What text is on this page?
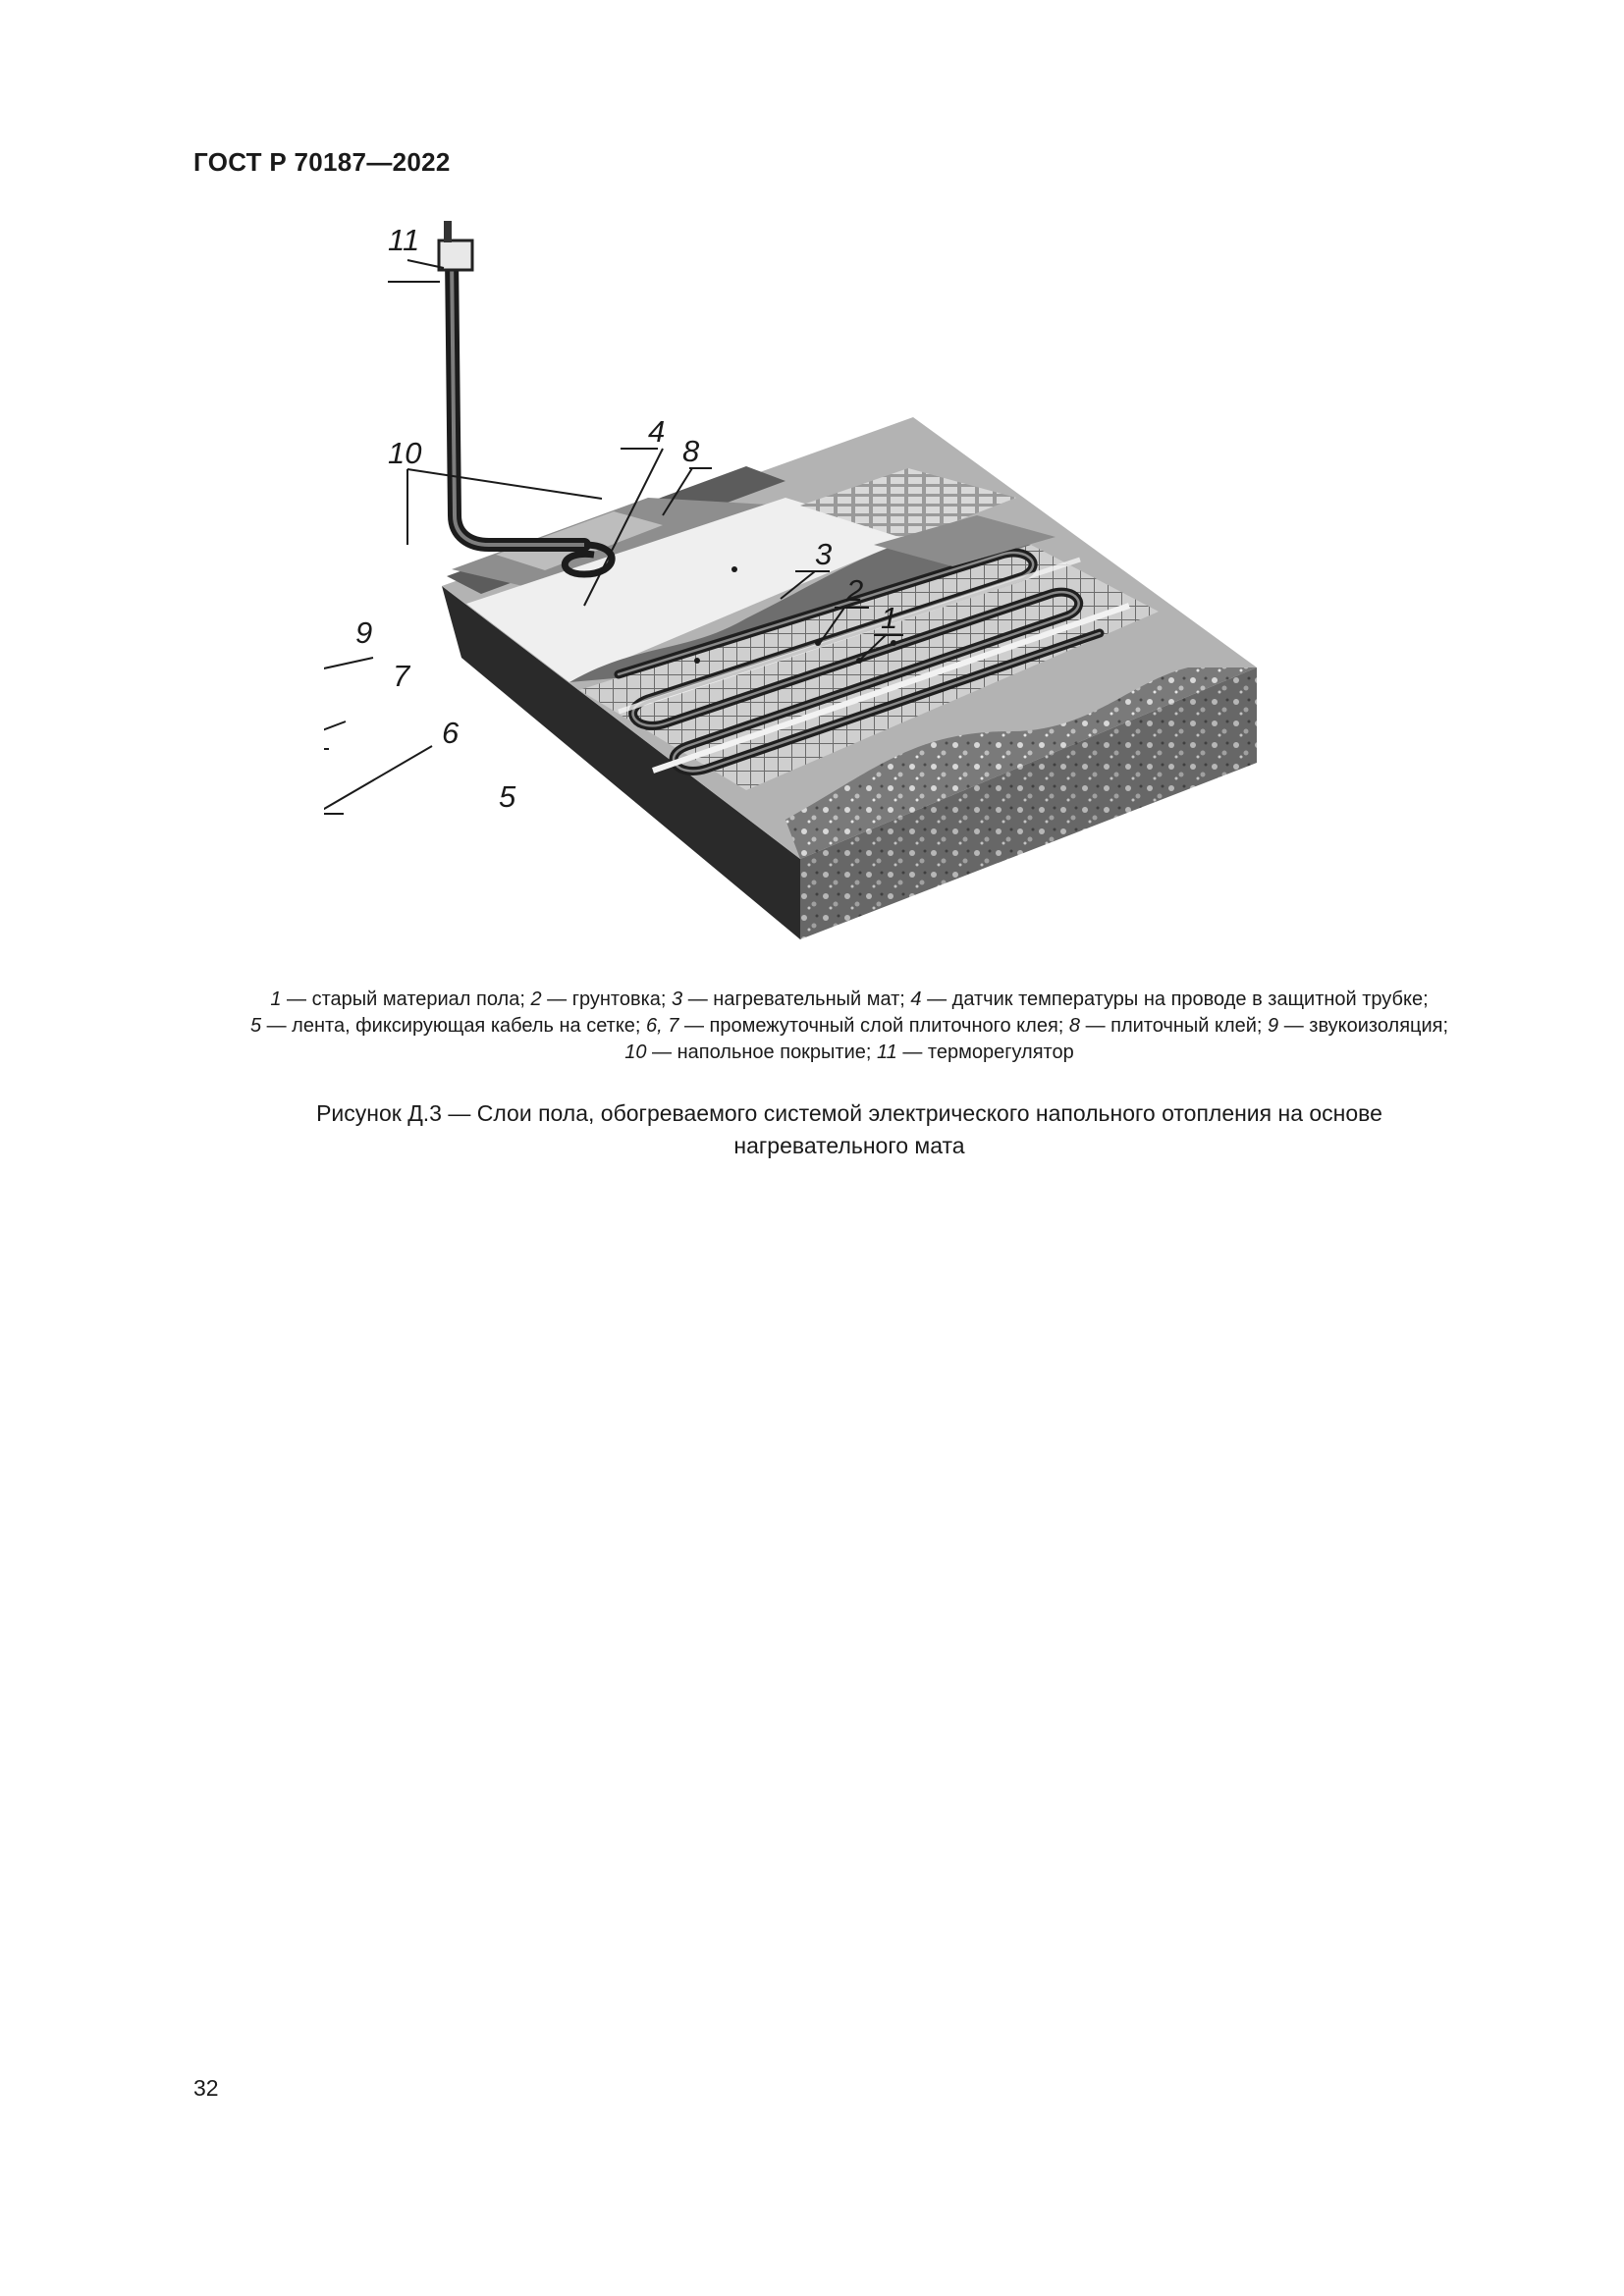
ГОСТ Р 70187—2022
11
10
4
8
3
2
1
9
7
6
5
1 — старый материал пола; 2 — грунтовка; 3 — нагревательный мат; 4 — датчик температуры на проводе в защитной трубке;
5 — лента, фиксирующая кабель на сетке; 6, 7 — промежуточный слой плиточного клея; 8 — плиточный клей; 9 — звукоизоляция;
10 — напольное покрытие; 11 — терморегулятор
Рисунок Д.3 — Слои пола, обогреваемого системой электрического напольного отопления на основе
нагревательного мата
32
